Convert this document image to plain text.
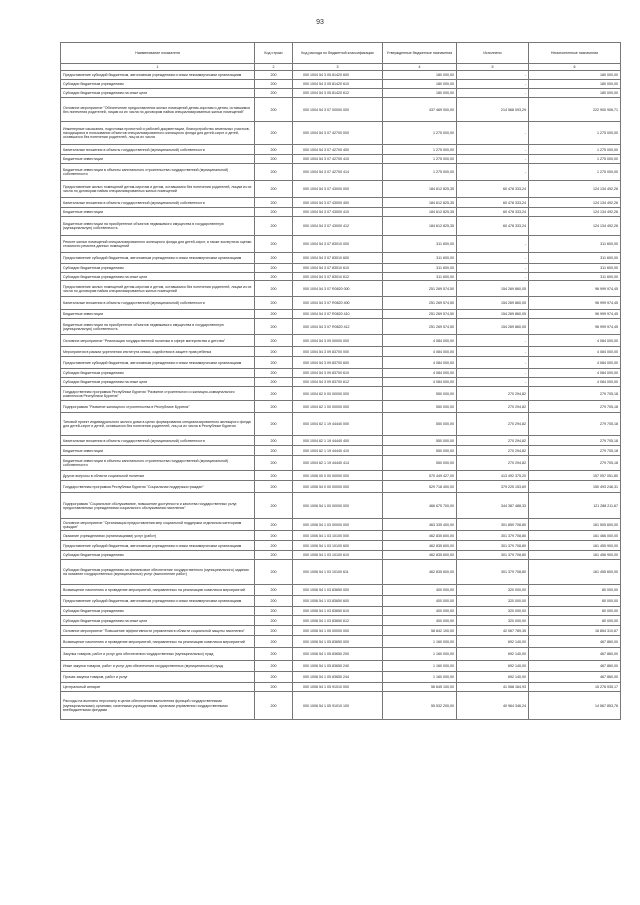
93
Наименование показателя	Код строки	Код расхода по бюджетной классификации	Утвержденные бюджетные назначения	Исполнено	Неисполненные назначения
1	2	3	4	5	6
Предоставление субсидий бюджетным, автономным учреждениям и иным некоммерческим организациям	200	000 1004 54 3 05 81420 600	180 000,00	-	180 000,00
Субсидии бюджетным учреждениям	200	000 1004 54 3 05 81420 610	180 000,00	-	180 000,00
Субсидии бюджетным учреждениям на иные цели	200	000 1004 54 3 05 81420 612	180 000,00	-	180 000,00
Основное мероприятие "Обеспечение предоставления жилых помещений детям-сиротам и детям, оставшимся без попечения родителей, лицам из их числа по договорам найма специализированных жилых помещений"	200	000 1004 54 3 07 00000 000	437 469 000,00	214 568 093,29	222 900 906,71
Инженерные изыскания, подготовка проектной и рабочей документации, благоустройство земельных участков, находящихся в пользовании объектов специализированного жилищного фонда для детей-сирот и детей, оставшихся без попечения родителей, лиц из их числа	200	000 1004 54 3 07 42700 000	1 275 000,00	-	1 275 000,00
Капитальные вложения в объекты государственной (муниципальной) собственности	200	000 1004 54 3 07 42700 400	1 275 000,00	-	1 275 000,00
Бюджетные инвестиции	200	000 1004 54 3 07 42700 410	1 275 000,00	-	1 275 000,00
Бюджетные инвестиции в объекты капитального строительства государственной (муниципальной) собственности	200	000 1004 54 3 07 42700 414	1 275 000,00	-	1 275 000,00
Предоставление жилых помещений детям-сиротам и детям, оставшимся без попечения родителей, лицам из их числа по договорам найма специализированных жилых помещений	200	000 1004 54 3 07 43000 000	184 612 825,35	60 478 333,24	124 134 492,26
Капитальные вложения в объекты государственной (муниципальной) собственности	200	000 1004 54 3 07 43000 400	184 612 825,35	60 478 333,24	124 134 492,26
Бюджетные инвестиции	200	000 1004 54 3 07 43000 410	184 612 825,35	60 478 333,24	124 134 492,26
Бюджетные инвестиции на приобретение объектов недвижимого имущества в государственную (муниципальную) собственность	200	000 1004 54 3 07 43000 412	184 612 825,35	60 478 333,24	124 134 492,26
Ремонт жилых помещений специализированного жилищного фонда для детей-сирот, а также экспертиза оценки стоимости ремонта данных помещений	200	000 1004 54 3 07 83010 000	311 600,00	-	311 600,00
Предоставление субсидий бюджетным, автономным учреждениям и иным некоммерческим организациям	200	000 1004 54 3 07 83010 600	311 600,00	-	311 600,00
Субсидии бюджетным учреждениям	200	000 1004 54 3 07 83010 610	311 600,00	-	311 600,00
Субсидии бюджетным учреждениям на иные цели	200	000 1004 54 3 07 83010 612	311 600,00	-	311 600,00
Предоставление жилых помещений детям-сиротам и детям, оставшимся без попечения родителей, лицам из их числа по договорам найма специализированных жилых помещений	200	000 1004 54 3 07 R0820 000	251 269 574,50	154 269 860,05	96 999 974,45
Капитальные вложения в объекты государственной (муниципальной) собственности	200	000 1004 54 3 07 R0820 400	251 269 574,50	154 269 860,05	96 999 974,45
Бюджетные инвестиции	200	000 1004 54 3 07 R0820 410	251 269 574,50	154 269 860,05	96 999 974,45
Бюджетные инвестиции на приобретение объектов недвижимого имущества в государственную (муниципальную) собственность	200	000 1004 54 3 07 R0820 412	251 269 574,50	154 269 860,05	96 999 974,45
Основное мероприятие "Реализация государственной политики в сфере материнства и детства"	200	000 1004 54 3 09 00000 000	4 084 000,00	-	4 084 000,00
Мероприятия в рамках укрепления института семьи, содействия в защите прав ребенка	200	000 1004 54 3 09 83700 000	4 084 000,00	-	4 084 000,00
Предоставление субсидий бюджетным, автономным учреждениям и иным некоммерческим организациям	200	000 1004 54 3 09 83700 600	4 084 000,00	-	4 084 000,00
Субсидии бюджетным учреждениям	200	000 1004 54 3 09 83700 610	4 084 000,00	-	4 084 000,00
Субсидии бюджетным учреждениям на иные цели	200	000 1004 54 3 09 83700 612	4 084 000,00	-	4 084 000,00
Государственная программа Республики Бурятия "Развитие строительного и жилищно-коммунального комплексов Республики Бурятия"	200	000 1004 62 0 00 00000 000	550 000,00	270 294,82	279 705,18
Подпрограмма "Развитие жилищного строительства в Республике Бурятия"	200	000 1004 62 1 00 00000 000	550 000,00	270 294,82	279 705,18
Типовой проект индивидуального жилого дома в целях формирования специализированного жилищного фонда для детей-сирот и детей, оставшихся без попечения родителей, лиц из их числа в Республике Бурятия	200	000 1004 62 1 19 44440 000	550 000,00	270 294,82	279 705,18
Капитальные вложения в объекты государственной (муниципальной) собственности	200	000 1004 62 1 19 44440 400	550 000,00	270 294,82	279 705,18
Бюджетные инвестиции	200	000 1004 62 1 19 44440 410	550 000,00	270 294,82	279 705,18
Бюджетные инвестиции в объекты капитального строительства государственной (муниципальной) собственности	200	000 1004 62 1 19 44440 414	550 000,00	270 294,82	279 705,18
Другие вопросы в области социальной политики	200	000 1006 00 0 00 00000 000	570 449 427,00	413 492 375,20	157 057 051,80
Государственная программа Республики Бурятия "Социальная поддержка граждан"	200	000 1006 54 0 00 00000 000	529 718 400,00	379 225 153,69	150 493 246,31
Подпрограмма "Социальное обслуживание, повышение доступности и качества государственных услуг, предоставляемых учреждениями социального обслуживания населения"	200	000 1006 54 1 00 00000 000	466 675 700,00	344 387 488,33	121 288 211,67
Основное мероприятие "Организация предоставления мер социальной поддержки отдельным категориям граждан"	200	000 1006 54 1 03 00000 000	463 335 400,00	301 859 708,80	161 505 600,00
Оказание учреждениями (организациями) услуг (работ)	200	000 1006 54 1 03 10100 000	462 835 600,00	301 379 708,80	161 466 000,00
Предоставление субсидий бюджетным, автономным учреждениям и иным некоммерческим организациям	200	000 1006 54 1 03 10100 600	462 835 600,00	301 379 708,80	161 455 900,00
Субсидии бюджетным учреждениям	200	000 1006 54 1 03 10100 610	462 835 600,00	301 379 708,80	161 456 900,00
Субсидии бюджетным учреждениям на финансовое обеспечение государственного (муниципального) задания на оказание государственных (муниципальных) услуг (выполнение работ)	200	000 1006 54 1 03 10100 611	462 835 600,00	301 379 708,80	161 455 600,00
Возмещение населению и проведение мероприятий, направленных на реализацию комплекса мероприятий	200	000 1006 54 1 03 83650 000	400 000,00	320 000,00	80 000,00
Предоставление субсидий бюджетным, автономным учреждениям и иным некоммерческим организациям	200	000 1006 54 1 03 83650 600	400 000,00	320 000,00	80 000,00
Субсидии бюджетным учреждениям	200	000 1006 54 1 03 83650 610	400 000,00	320 000,00	80 000,00
Субсидии бюджетным учреждениям на иные цели	200	000 1006 54 1 03 83650 612	400 000,00	320 000,00	80 000,00
Основное мероприятие "Повышение эффективности управления в области социальной защиты населения"	200	000 1006 54 1 05 00000 000	58 842 100,00	42 067 789,35	16 854 310,67
Возмещение населению и проведение мероприятий, направленных на реализацию комплекса мероприятий	200	000 1006 54 1 05 83650 000	1 160 000,00	692 140,00	467 860,00
Закупка товаров, работ и услуг для обеспечения государственных (муниципальных) нужд	200	000 1006 54 1 05 83650 200	1 160 000,00	692 140,00	467 860,00
Иные закупки товаров, работ и услуг для обеспечения государственных (муниципальных) нужд	200	000 1006 54 1 05 83650 240	1 160 000,00	692 140,00	467 860,00
Прочая закупка товаров, работ и услуг	200	000 1006 54 1 05 83650 244	1 160 000,00	692 140,00	467 860,00
Центральный аппарат	200	000 1006 54 1 05 91010 000	56 645 100,00	41 068 164,93	15 276 935,17
Расходы на выплаты персоналу в целях обеспечения выполнения функций государственными (муниципальными) органами, казенными учреждениями, органами управления государственными внебюджетными фондами	200	000 1006 54 1 05 91010 100	55 532 200,00	40 964 346,24	14 567 853,76
